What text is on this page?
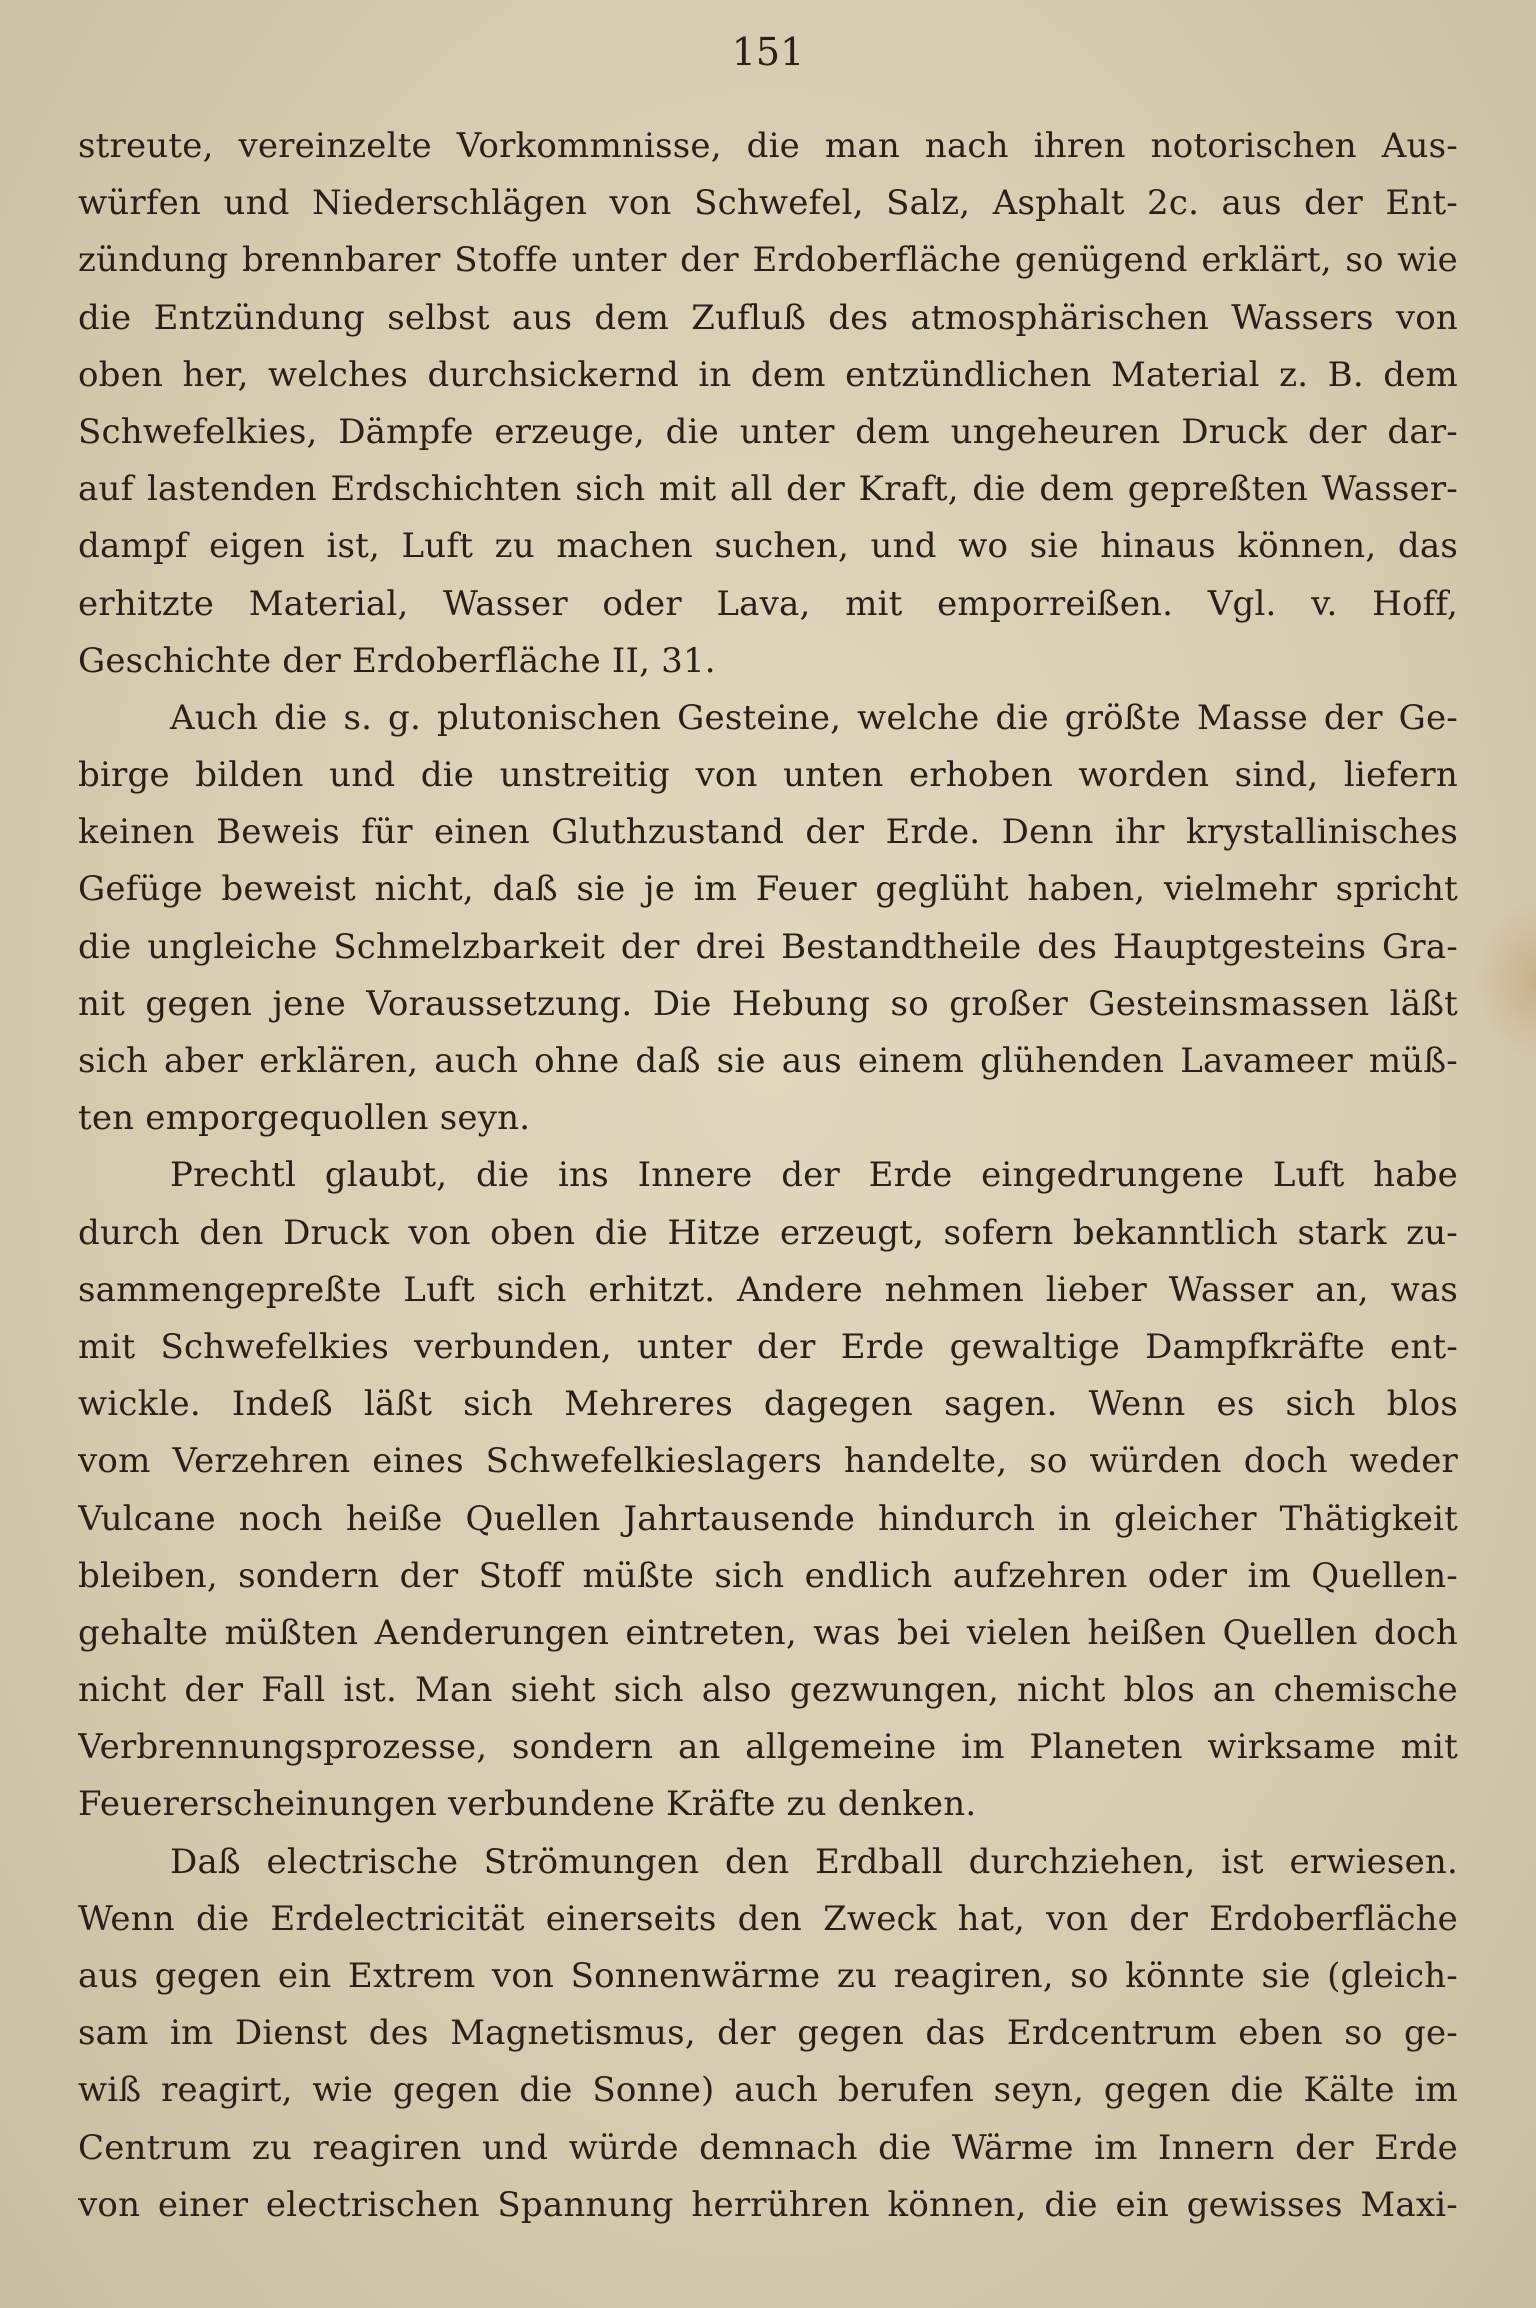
151
streute, vereinzelte Vorkommnisse, die man nach ihren notorischen Aus-
würfen und Niederschlägen von Schwefel, Salz, Asphalt 2c. aus der Ent-
zündung brennbarer Stoffe unter der Erdoberfläche genügend erklärt, so wie
die Entzündung selbst aus dem Zufluß des atmosphärischen Wassers von
oben her, welches durchsickernd in dem entzündlichen Material z. B. dem
Schwefelkies, Dämpfe erzeuge, die unter dem ungeheuren Druck der dar-
auf lastenden Erdschichten sich mit all der Kraft, die dem gepreßten Wasser-
dampf eigen ist, Luft zu machen suchen, und wo sie hinaus können, das
erhitzte Material, Wasser oder Lava, mit emporreißen. Vgl. v. Hoff,
Geschichte der Erdoberfläche II, 31.
Auch die s. g. plutonischen Gesteine, welche die größte Masse der Ge-
birge bilden und die unstreitig von unten erhoben worden sind, liefern
keinen Beweis für einen Gluthzustand der Erde. Denn ihr krystallinisches
Gefüge beweist nicht, daß sie je im Feuer geglüht haben, vielmehr spricht
die ungleiche Schmelzbarkeit der drei Bestandtheile des Hauptgesteins Gra-
nit gegen jene Voraussetzung. Die Hebung so großer Gesteinsmassen läßt
sich aber erklären, auch ohne daß sie aus einem glühenden Lavameer müß-
ten emporgequollen seyn.
Prechtl glaubt, die ins Innere der Erde eingedrungene Luft habe
durch den Druck von oben die Hitze erzeugt, sofern bekanntlich stark zu-
sammengepreßte Luft sich erhitzt. Andere nehmen lieber Wasser an, was
mit Schwefelkies verbunden, unter der Erde gewaltige Dampfkräfte ent-
wickle. Indeß läßt sich Mehreres dagegen sagen. Wenn es sich blos
vom Verzehren eines Schwefelkieslagers handelte, so würden doch weder
Vulcane noch heiße Quellen Jahrtausende hindurch in gleicher Thätigkeit
bleiben, sondern der Stoff müßte sich endlich aufzehren oder im Quellen-
gehalte müßten Aenderungen eintreten, was bei vielen heißen Quellen doch
nicht der Fall ist. Man sieht sich also gezwungen, nicht blos an chemische
Verbrennungsprozesse, sondern an allgemeine im Planeten wirksame mit
Feuererscheinungen verbundene Kräfte zu denken.
Daß electrische Strömungen den Erdball durchziehen, ist erwiesen.
Wenn die Erdelectricität einerseits den Zweck hat, von der Erdoberfläche
aus gegen ein Extrem von Sonnenwärme zu reagiren, so könnte sie (gleich-
sam im Dienst des Magnetismus, der gegen das Erdcentrum eben so ge-
wiß reagirt, wie gegen die Sonne) auch berufen seyn, gegen die Kälte im
Centrum zu reagiren und würde demnach die Wärme im Innern der Erde
von einer electrischen Spannung herrühren können, die ein gewisses Maxi-
